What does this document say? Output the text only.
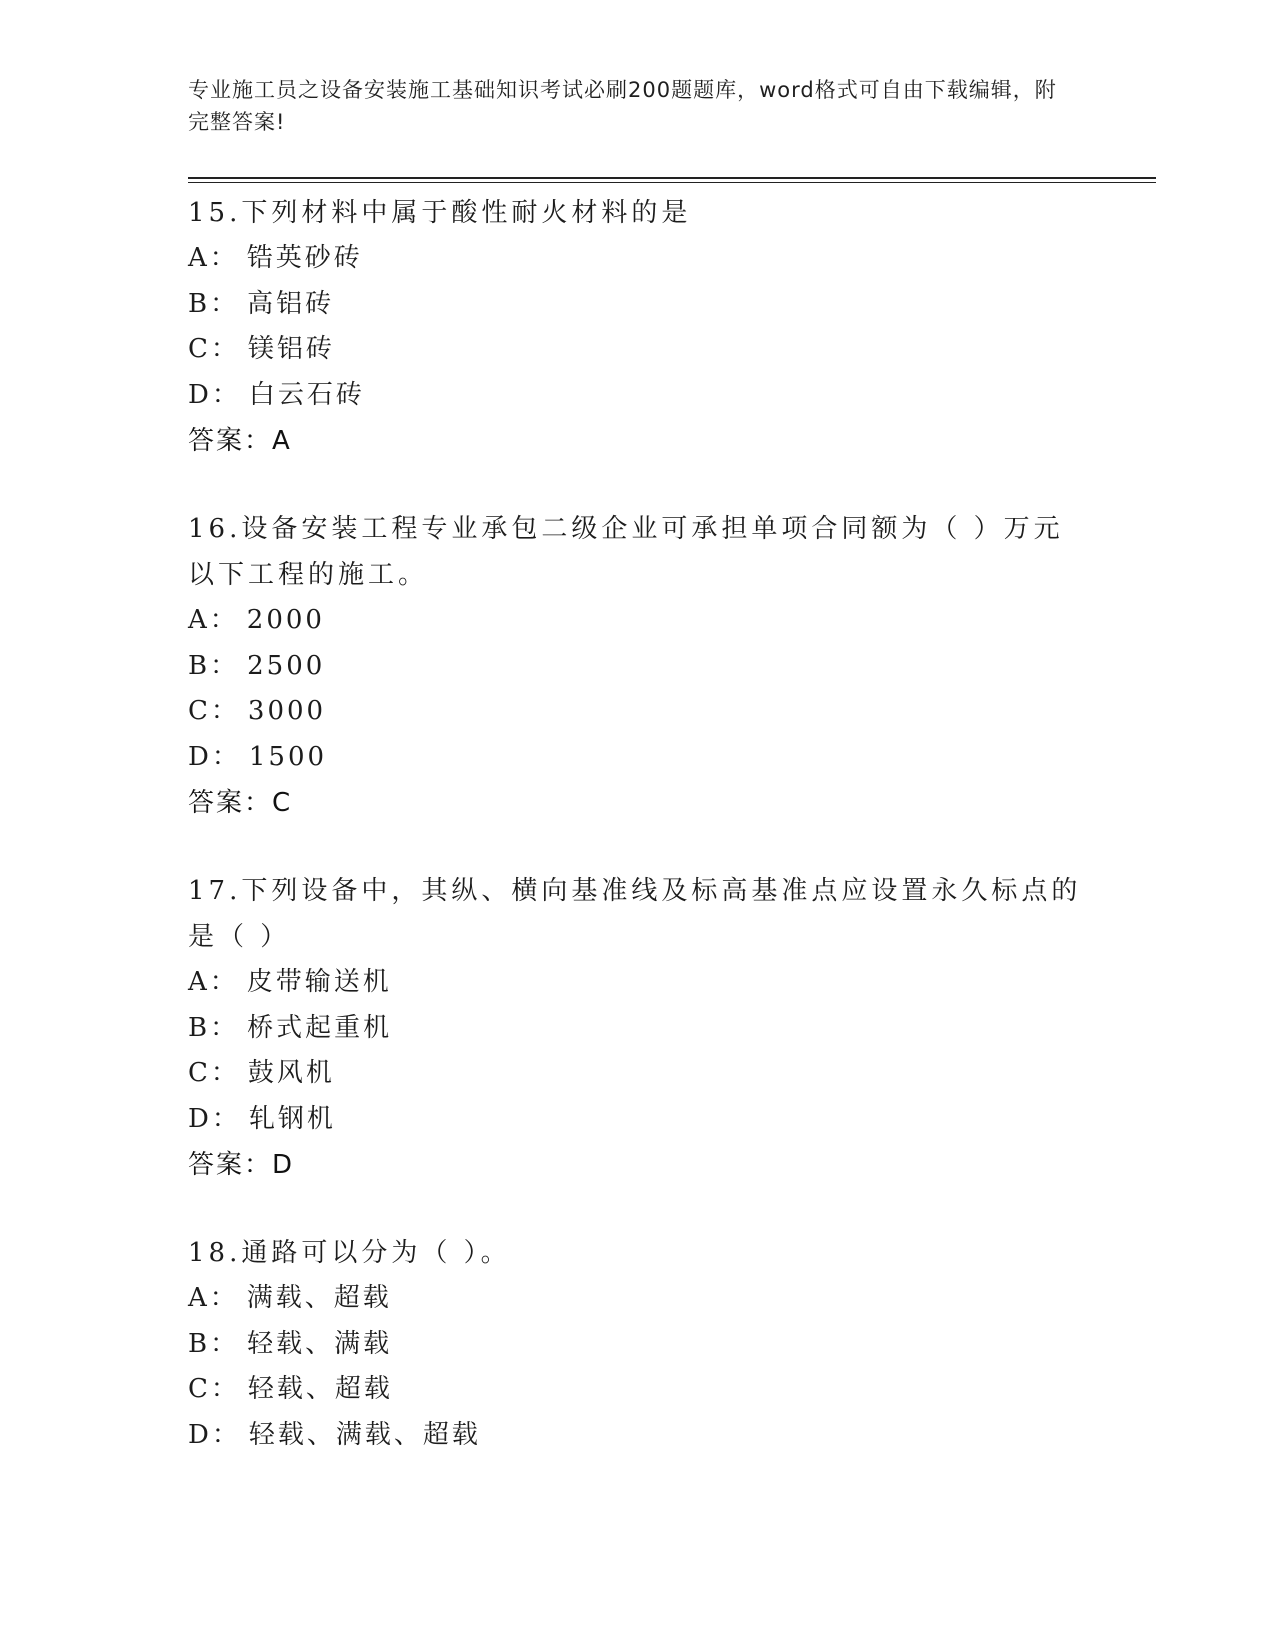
专业施工员之设备安装施工基础知识考试必刷200题题库，word格式可自由下载编辑，附完整答案!

15.下列材料中属于酸性耐火材料的是

A： 锆英砂砖
B： 高铝砖
C： 镁铝砖
D： 白云石砖
答案：A

16.设备安装工程专业承包二级企业可承担单项合同额为（ ）万元以下工程的施工。

A： 2000
B： 2500
C： 3000
D： 1500
答案：C

17.下列设备中，其纵、横向基准线及标高基准点应设置永久标点的是（ ）

A： 皮带输送机
B： 桥式起重机
C： 鼓风机
D： 轧钢机
答案：D

18.通路可以分为（ ）。

A： 满载、超载
B： 轻载、满载
C： 轻载、超载
D： 轻载、满载、超载
